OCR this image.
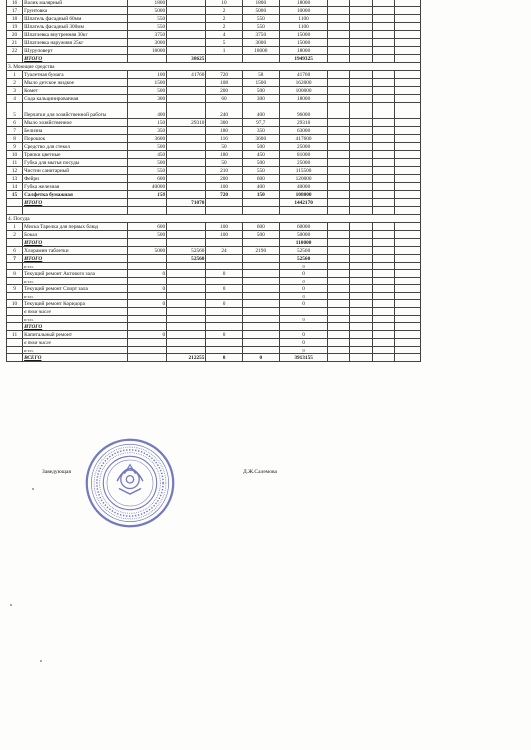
16	Валик малярный	1800		10	1800	18000				
17	Грунтовка	5000		2	5000	10000				
18	Шпатель фасадный 60мм	550		2	550	1100				
19	Шпатель фасадный 300мм	550		2	550	1100				
20	Шпатлевка внутренняя 30кг	3750		4	3750	15000				
21	Шпатлевка наружняя 25кг	3000		5	3000	15000				
22	Шуруповерт	18000		1	18000	18000				
	ИТОГО		38625			1949325				
3. Моющие средства										
1	Туалетная бумага	100	41760	720	58	41760				
2	Мыло детское жидкое	1500		108	1500	162000				
3	Комет	500		200	500	100000				
4	Сода кальцинированная	300		60	300	18000				
5	Перчатки для хозяйственной работы	400		240	400	96000				
6	Мыло хозяйственное	150	29310	300	97,7	29310				
7	Белизна	350		180	350	63000				
8	Порошок	3600		116	3600	417600				
9	Средство для стекол	500		50	500	25000				
10	Тряпки цветные	450		180	450	81000				
11	Губка для мытья посуды	500		50	500	25000				
12	Чистин санитарный	550		210	550	115500				
13	Фейри	600		200	600	120000				
14	Губка железная	40000		100	400	40000				
15	Салфетка бумажная	150		720	150	108000				
	ИТОГО		71070			1442170				

4. Посуда										
1	Миска Тарелка для первых блюд	600		100	600	60000				
2	Бокал	500		100	500	50000				
	ИТОГО					110000				
6	Хлорамин таблетки	5000	52560	24	2190	52560				
7	ИТОГО		52560			52560				
	и т.п.					0				
8	Текущий ремонт Актового зала	0		0		0				
	и т.п.					0				
9	Текущий ремонт Спорт зала	0		0		0				
	и т.п.					0				
10	Текущий ремонт Коридора	0		0		0				
	в том числе									
	и т.п.					0				
	ИТОГО									
11	Капитальный ремонт	0		0		0				
	в том числе					0				
	и т.п.					0				
	ВСЕГО		212255	0	0	3913155				
Заведующая	Д.Ж.Салемова
